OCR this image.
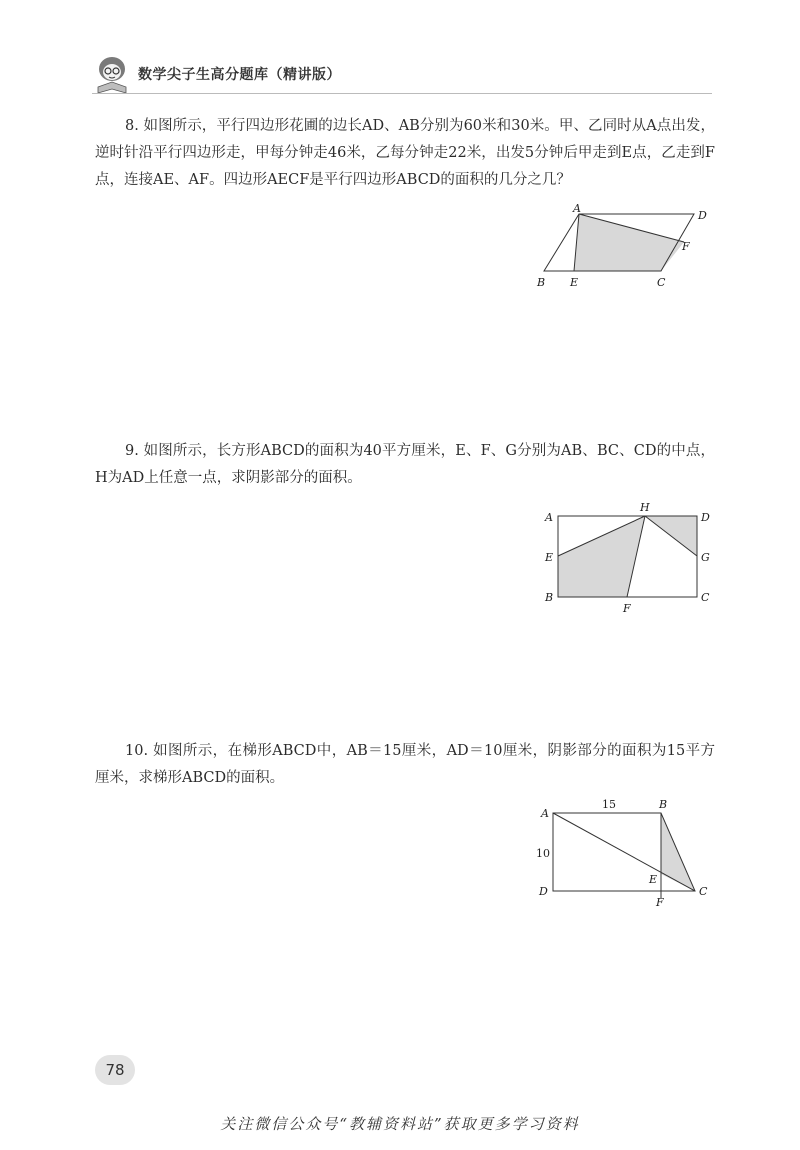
数学尖子生高分题库（精讲版）
8. 如图所示，平行四边形花圃的边长AD、AB分别为60米和30米。甲、乙同时从A点出发，逆时针沿平行四边形走，甲每分钟走46米，乙每分钟走22米，出发5分钟后甲走到E点，乙走到F点，连接AE、AF。四边形AECF是平行四边形ABCD的面积的几分之几？
A
D
F
B E	C
9. 如图所示，长方形ABCD的面积为40平方厘米，E、F、G分别为AB、BC、CD的中点，H为AD上任意一点，求阴影部分的面积。
A
H
D
E	G
B	C
F
10. 如图所示，在梯形ABCD中，AB＝15厘米，AD＝10厘米，阴影部分的面积为15平方厘米，求梯形ABCD的面积。
A
15	B
10
D
E
C
F
78
关注微信公众号“教辅资料站”获取更多学习资料
